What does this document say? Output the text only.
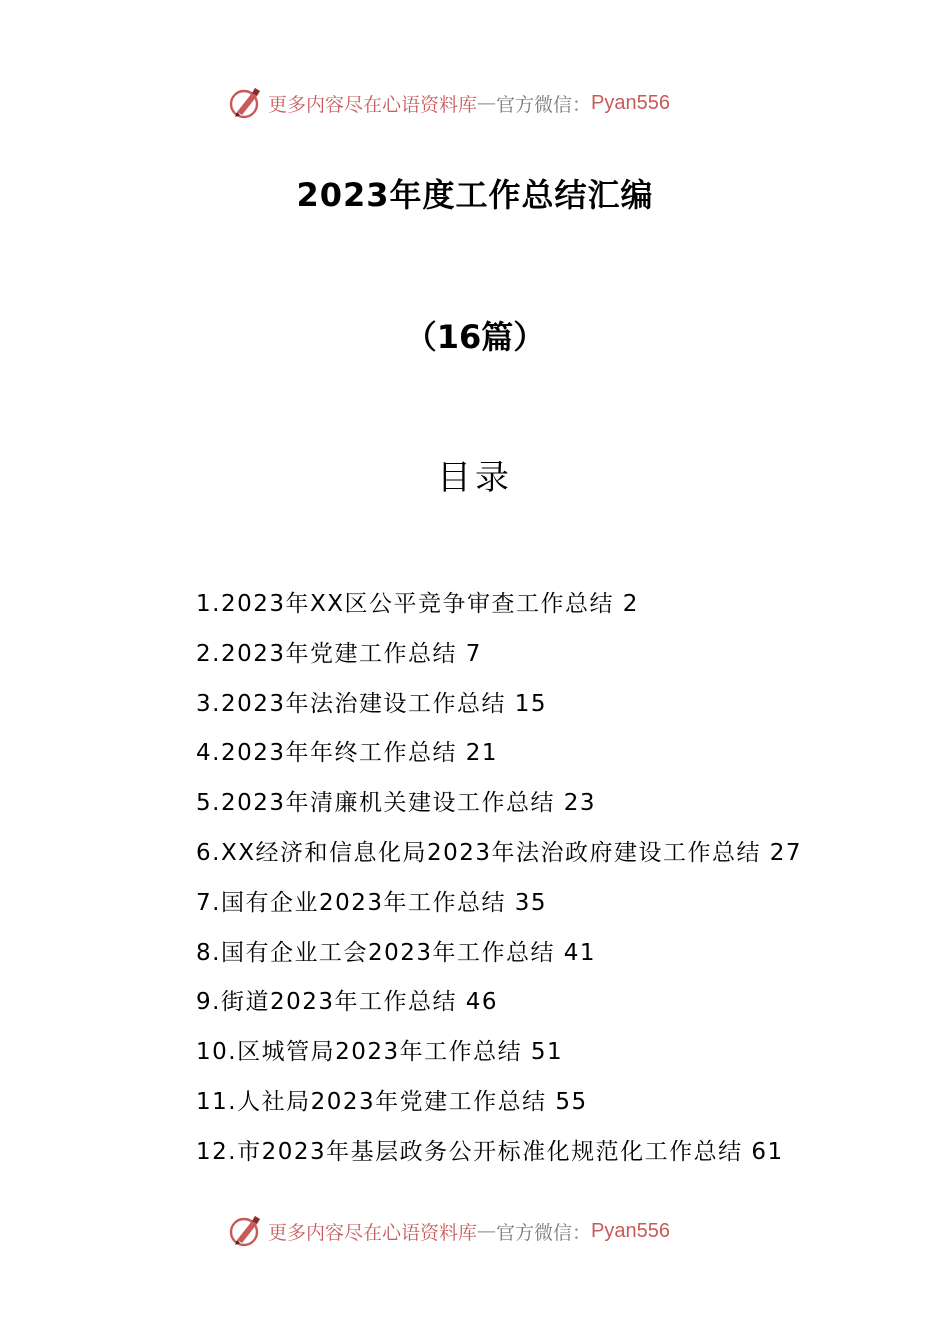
更多内容尽在心语资料库 — 官方微信： Pyan556
2023年度工作总结汇编
（16篇）
目录
1.2023年XX区公平竞争审查工作总结 2
2.2023年党建工作总结 7
3.2023年法治建设工作总结 15
4.2023年年终工作总结 21
5.2023年清廉机关建设工作总结 23
6.XX经济和信息化局2023年法治政府建设工作总结 27
7.国有企业2023年工作总结 35
8.国有企业工会2023年工作总结 41
9.街道2023年工作总结 46
10.区城管局2023年工作总结 51
11.人社局2023年党建工作总结 55
12.市2023年基层政务公开标准化规范化工作总结 61
更多内容尽在心语资料库 — 官方微信： Pyan556
